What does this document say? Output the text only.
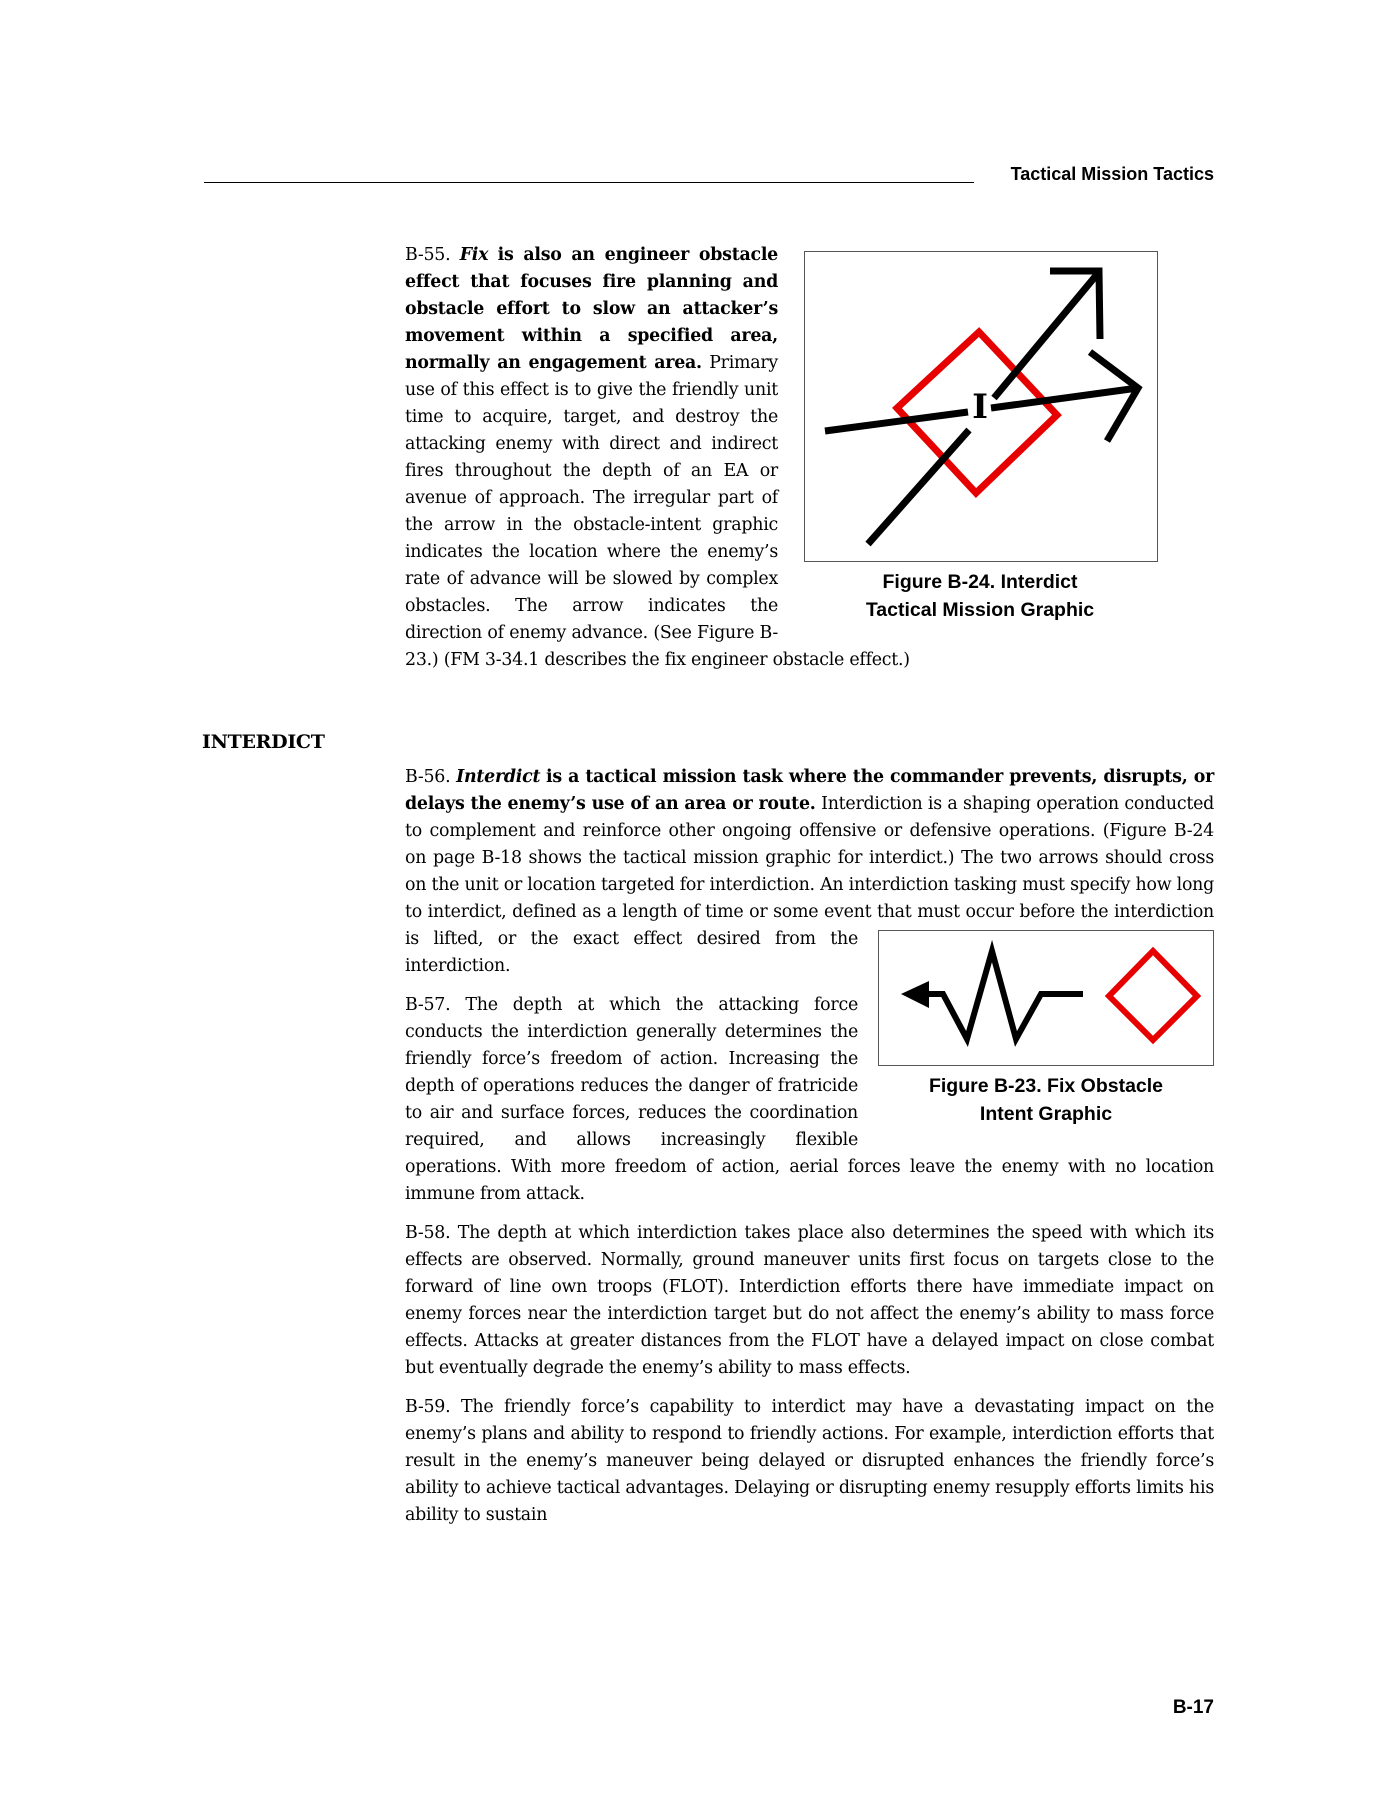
Tactical Mission Tactics
I
Figure B-24. Interdict
Tactical Mission Graphic

B-55. Fix is also an engineer obstacle effect that focuses fire planning and obstacle effort to slow an attacker’s movement within a specified area, normally an engagement area. Primary use of this effect is to give the friendly unit time to acquire, target, and destroy the attacking enemy with direct and indirect fires throughout the depth of an EA or avenue of approach. The irregular part of the arrow in the obstacle-intent graphic indicates the location where the enemy’s rate of advance will be slowed by complex obstacles. The arrow indicates the direction of enemy advance. (See Figure B-23.) (FM 3-34.1 describes the fix engineer obstacle effect.)

INTERDICT

B-56. Interdict is a tactical mission task where the commander prevents, disrupts, or delays the enemy’s use of an area or route. Interdiction is a shaping operation conducted to complement and reinforce other ongoing offensive or defensive operations. (Figure B-24 on page B-18 shows the tactical mission graphic for interdict.) The two arrows should cross on the unit or location targeted for interdiction. An interdiction tasking must specify how long to interdict, defined as a length of time or some event that must occur before the
Figure B-23. Fix Obstacle
Intent Graphic
interdiction is lifted, or the exact effect desired from the interdiction.

B-57. The depth at which the attacking force conducts the interdiction generally determines the friendly force’s freedom of action. Increasing the depth of operations reduces the danger of fratricide to air and surface forces, reduces the coordination required, and allows increasingly flexible operations. With more freedom of action, aerial forces leave the enemy with no location immune from attack.

B-58. The depth at which interdiction takes place also determines the speed with which its effects are observed. Normally, ground maneuver units first focus on targets close to the forward of line own troops (FLOT). Interdiction efforts there have immediate impact on enemy forces near the interdiction target but do not affect the enemy’s ability to mass force effects. Attacks at greater distances from the FLOT have a delayed impact on close combat but eventually degrade the enemy’s ability to mass effects.

B-59. The friendly force’s capability to interdict may have a devastating impact on the enemy’s plans and ability to respond to friendly actions. For example, interdiction efforts that result in the enemy’s maneuver being delayed or disrupted enhances the friendly force’s ability to achieve tactical advantages. Delaying or disrupting enemy resupply efforts limits his ability to sustain

B-17
